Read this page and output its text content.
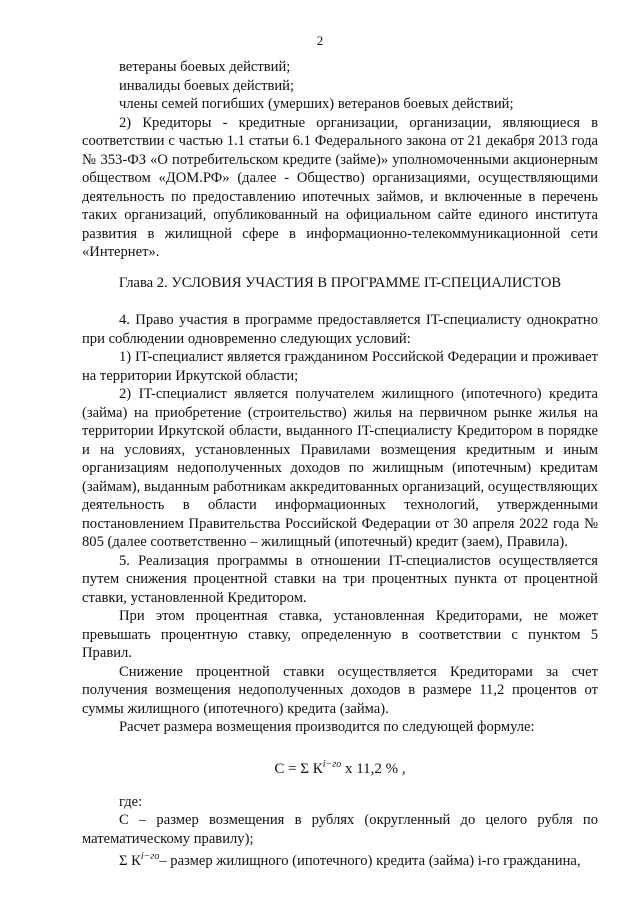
2

ветераны боевых действий;

инвалиды боевых действий;

члены семей погибших (умерших) ветеранов боевых действий;

2) Кредиторы - кредитные организации, организации, являющиеся в соответствии с частью 1.1 статьи 6.1 Федерального закона от 21 декабря 2013 года № 353-ФЗ «О потребительском кредите (займе)» уполномоченными акционерным обществом «ДОМ.РФ» (далее - Общество) организациями, осуществляющими деятельность по предоставлению ипотечных займов, и включенные в перечень таких организаций, опубликованный на официальном сайте единого института развития в жилищной сфере в информационно-телекоммуникационной сети «Интернет».

Глава 2. УСЛОВИЯ УЧАСТИЯ В ПРОГРАММЕ IT-СПЕЦИАЛИСТОВ

4. Право участия в программе предоставляется IT-специалисту однократно при соблюдении одновременно следующих условий:

1) IT-специалист является гражданином Российской Федерации и проживает на территории Иркутской области;

2) IT-специалист является получателем жилищного (ипотечного) кредита (займа) на приобретение (строительство) жилья на первичном рынке жилья на территории Иркутской области, выданного IT-специалисту Кредитором в порядке и на условиях, установленных Правилами возмещения кредитным и иным организациям недополученных доходов по жилищным (ипотечным) кредитам (займам), выданным работникам аккредитованных организаций, осуществляющих деятельность в области информационных технологий, утвержденными постановлением Правительства Российской Федерации от 30 апреля 2022 года № 805 (далее соответственно – жилищный (ипотечный) кредит (заем), Правила).

5. Реализация программы в отношении IT-специалистов осуществляется путем снижения процентной ставки на три процентных пункта от процентной ставки, установленной Кредитором.

При этом процентная ставка, установленная Кредиторами, не может превышать процентную ставку, определенную в соответствии с пунктом 5 Правил.

Снижение процентной ставки осуществляется Кредиторами за счет получения возмещения недополученных доходов в размере 11,2 процентов от суммы жилищного (ипотечного) кредита (займа).

Расчет размера возмещения производится по следующей формуле:

С = Σ $К^{i-го}$ х 11,2 % ,

где:

С – размер возмещения в рублях (округленный до целого рубля по математическому правилу);

Σ $К^{i-го}-$ размер жилищного (ипотечного) кредита (займа) i-го гражданина,
